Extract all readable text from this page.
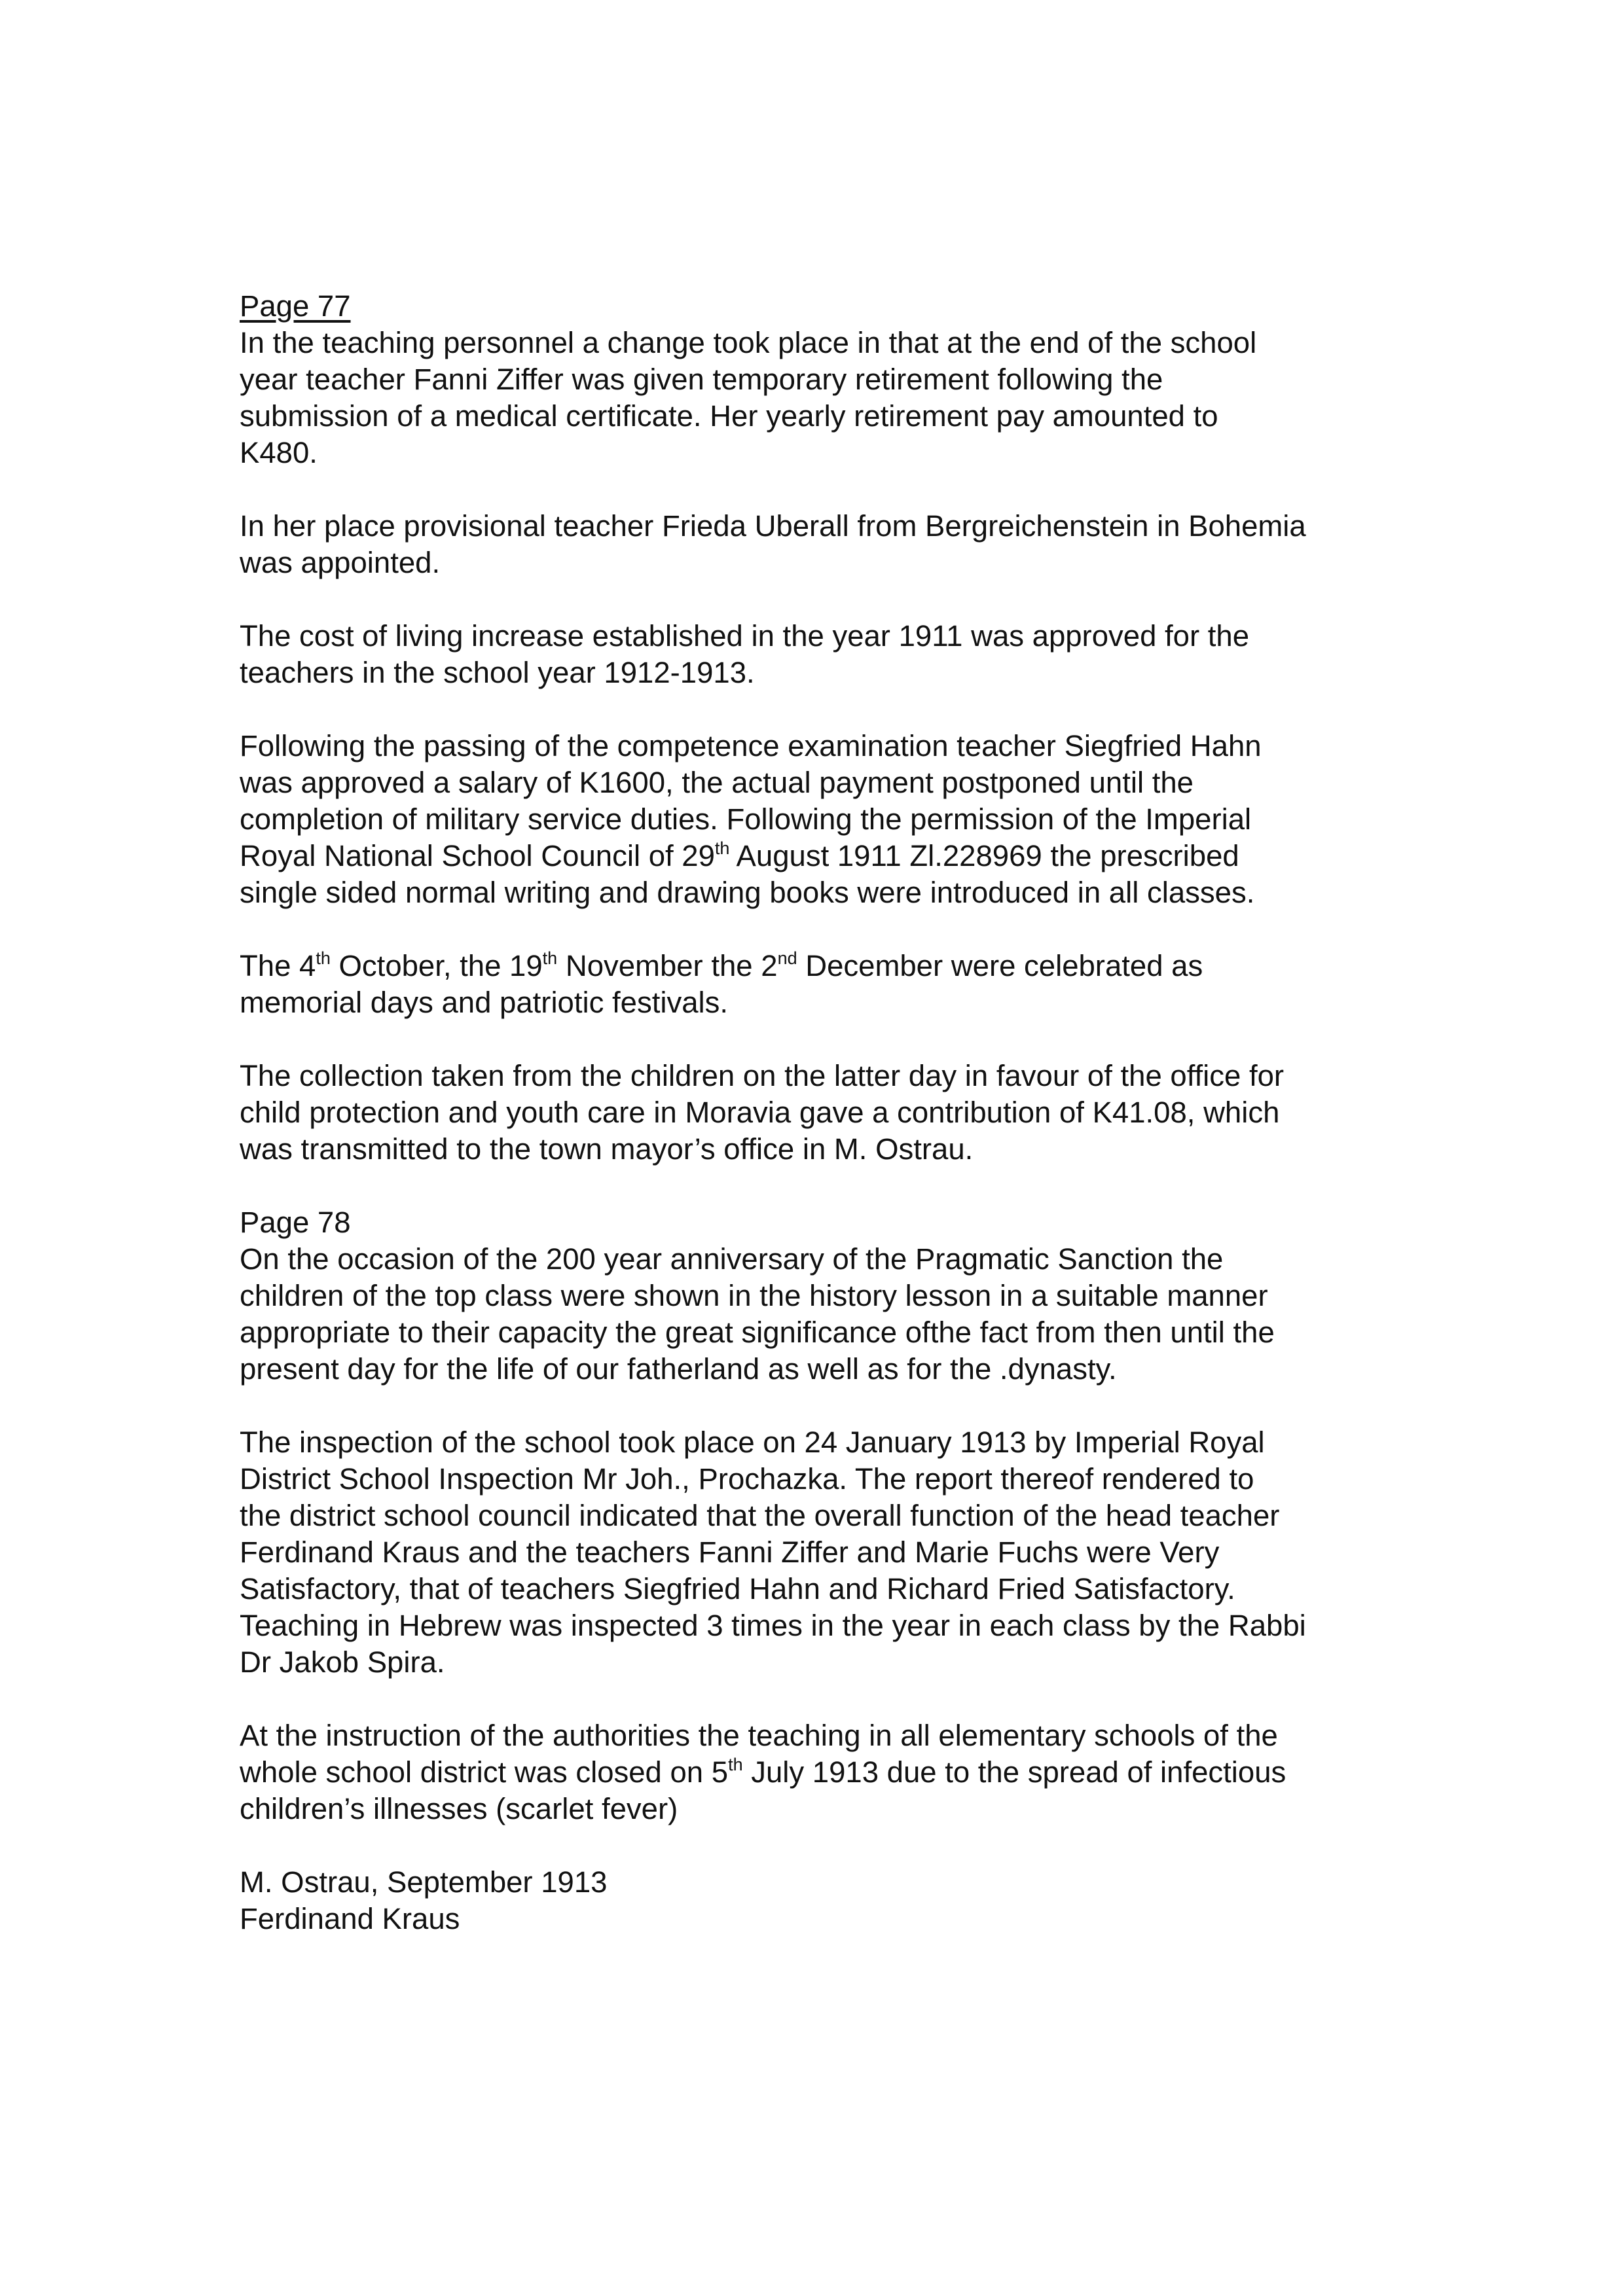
Page 77

In the teaching personnel a change took place in that at the end of the school
year teacher Fanni Ziffer was given temporary retirement following the
submission of a medical certificate. Her yearly retirement pay amounted to
K480.

In her place provisional teacher Frieda Uberall from Bergreichenstein in Bohemia
was appointed.

The cost of living increase established in the year 1911 was approved for the
teachers in the school year 1912-1913.

Following the passing of the competence examination teacher Siegfried Hahn
was approved a salary of K1600, the actual payment postponed until the
completion of military service duties. Following the permission of the Imperial
Royal National School Council of 29th August 1911 Zl.228969 the prescribed
single sided normal writing and drawing books were introduced in all classes.

The 4th October, the 19th November the 2nd December were celebrated as
memorial days and patriotic festivals.

The collection taken from the children on the latter day in favour of the office for
child protection and youth care in Moravia gave a contribution of K41.08, which
was transmitted to the town mayor’s office in M. Ostrau.

Page 78

On the occasion of the 200 year anniversary of the Pragmatic Sanction the
children of the top class were shown in the history lesson in a suitable manner
appropriate to their capacity the great significance ofthe fact from then until the
present day for the life of our fatherland as well as for the .dynasty.

The inspection of the school took place on 24 January 1913 by Imperial Royal
District School Inspection Mr Joh., Prochazka. The report thereof rendered to
the district school council indicated that the overall function of the head teacher
Ferdinand Kraus and the teachers Fanni Ziffer and Marie Fuchs were Very
Satisfactory, that of teachers Siegfried Hahn and Richard Fried Satisfactory.
Teaching in Hebrew was inspected 3 times in the year in each class by the Rabbi
Dr Jakob Spira.

At the instruction of the authorities the teaching in all elementary schools of the
whole school district was closed on 5th July 1913 due to the spread of infectious
children’s illnesses (scarlet fever)

M. Ostrau, September 1913

Ferdinand Kraus
